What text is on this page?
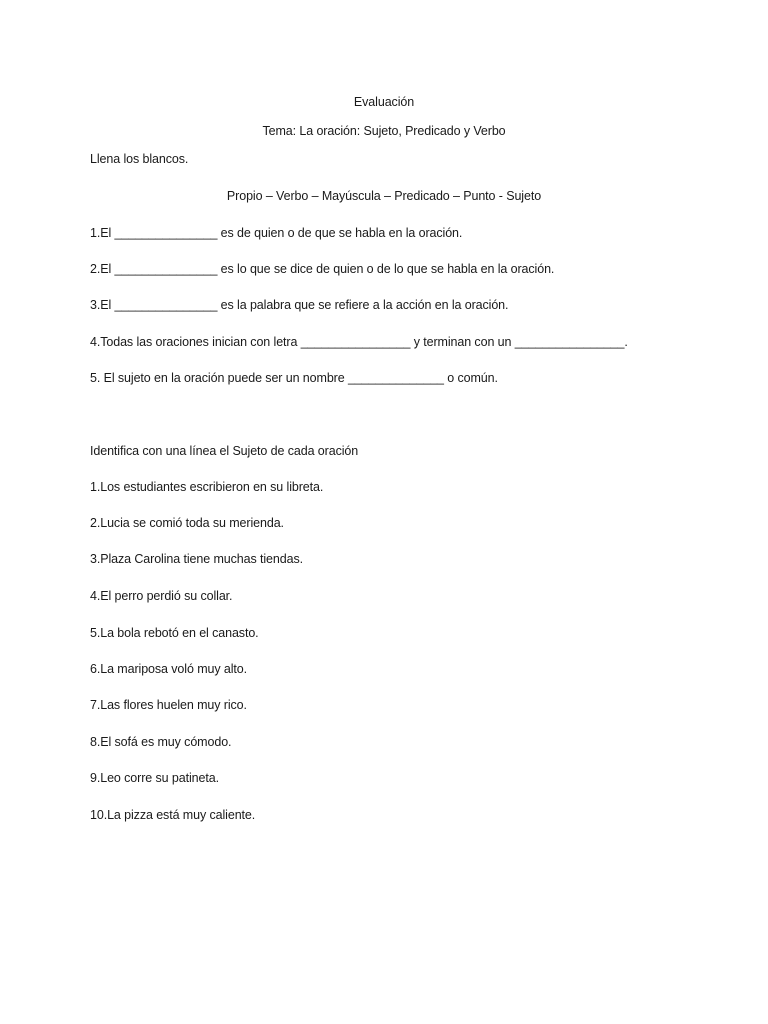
Evaluación
Tema: La oración: Sujeto, Predicado y Verbo
Llena los blancos.
Propio – Verbo – Mayúscula – Predicado – Punto - Sujeto
1.El _______________ es de quien o de que se habla en la oración.
2.El _______________ es lo que se dice de quien o de lo que se habla en la oración.
3.El _______________ es la palabra que se refiere a la acción en la oración.
4.Todas las oraciones inician con letra ________________ y terminan con un ________________.
5. El sujeto en la oración puede ser un nombre ______________ o común.
Identifica con una línea el Sujeto de cada oración
1.Los estudiantes escribieron en su libreta.
2.Lucia se comió toda su merienda.
3.Plaza Carolina tiene muchas tiendas.
4.El perro perdió su collar.
5.La bola rebotó en el canasto.
6.La mariposa voló muy alto.
7.Las flores huelen muy rico.
8.El sofá es muy cómodo.
9.Leo corre su patineta.
10.La pizza está muy caliente.
